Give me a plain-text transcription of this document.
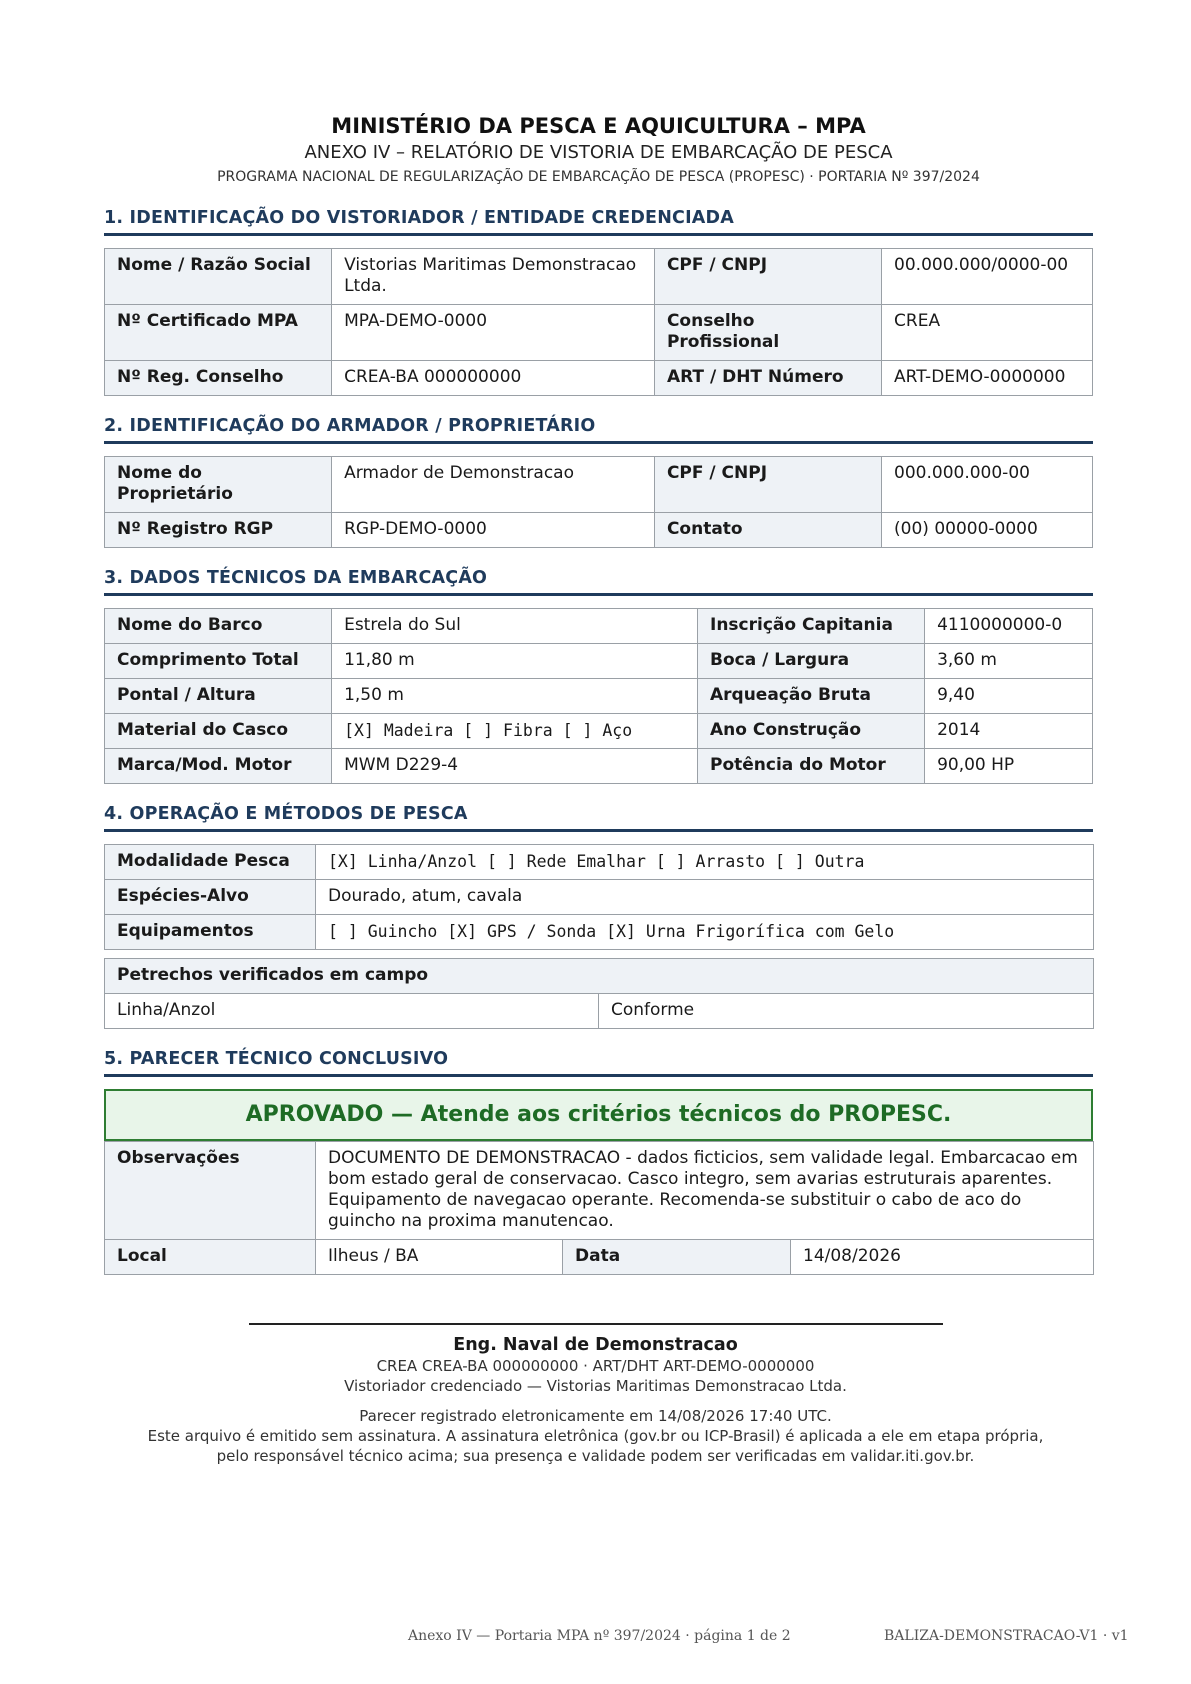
MINISTÉRIO DA PESCA E AQUICULTURA – MPA
ANEXO IV – RELATÓRIO DE VISTORIA DE EMBARCAÇÃO DE PESCA
PROGRAMA NACIONAL DE REGULARIZAÇÃO DE EMBARCAÇÃO DE PESCA (PROPESC) · PORTARIA Nº 397/2024
1. IDENTIFICAÇÃO DO VISTORIADOR / ENTIDADE CREDENCIADA
Nome / Razão Social	Vistorias Maritimas Demonstracao Ltda.	CPF / CNPJ	00.000.000/0000-00
Nº Certificado MPA	MPA-DEMO-0000	Conselho Profissional	CREA
Nº Reg. Conselho	CREA-BA 000000000	ART / DHT Número	ART-DEMO-0000000
2. IDENTIFICAÇÃO DO ARMADOR / PROPRIETÁRIO
Nome do Proprietário	Armador de Demonstracao	CPF / CNPJ	000.000.000-00
Nº Registro RGP	RGP-DEMO-0000	Contato	(00) 00000-0000
3. DADOS TÉCNICOS DA EMBARCAÇÃO
Nome do Barco	Estrela do Sul	Inscrição Capitania	4110000000-0
Comprimento Total	11,80 m	Boca / Largura	3,60 m
Pontal / Altura	1,50 m	Arqueação Bruta	9,40
Material do Casco	[X] Madeira [ ] Fibra [ ] Aço	Ano Construção	2014
Marca/Mod. Motor	MWM D229-4	Potência do Motor	90,00 HP
4. OPERAÇÃO E MÉTODOS DE PESCA
Modalidade Pesca	[X] Linha/Anzol [ ] Rede Emalhar [ ] Arrasto [ ] Outra
Espécies-Alvo	Dourado, atum, cavala
Equipamentos	[ ] Guincho [X] GPS / Sonda [X] Urna Frigorífica com Gelo
Petrechos verificados em campo
Linha/Anzol	Conforme
5. PARECER TÉCNICO CONCLUSIVO
APROVADO — Atende aos critérios técnicos do PROPESC.
Observações	DOCUMENTO DE DEMONSTRACAO - dados ficticios, sem validade legal. Embarcacao em bom estado geral de conservacao. Casco integro, sem avarias estruturais aparentes. Equipamento de navegacao operante. Recomenda-se substituir o cabo de aco do guincho na proxima manutencao.		
Local	Ilheus / BA	Data	14/08/2026
Eng. Naval de Demonstracao
CREA CREA-BA 000000000 · ART/DHT ART-DEMO-0000000
Vistoriador credenciado — Vistorias Maritimas Demonstracao Ltda.
Parecer registrado eletronicamente em 14/08/2026 17:40 UTC.
Este arquivo é emitido sem assinatura. A assinatura eletrônica (gov.br ou ICP-Brasil) é aplicada a ele em etapa própria,
pelo responsável técnico acima; sua presença e validade podem ser verificadas em validar.iti.gov.br.
Anexo IV — Portaria MPA nº 397/2024 · página 1 de 2	BALIZA-DEMONSTRACAO-V1 · v1
